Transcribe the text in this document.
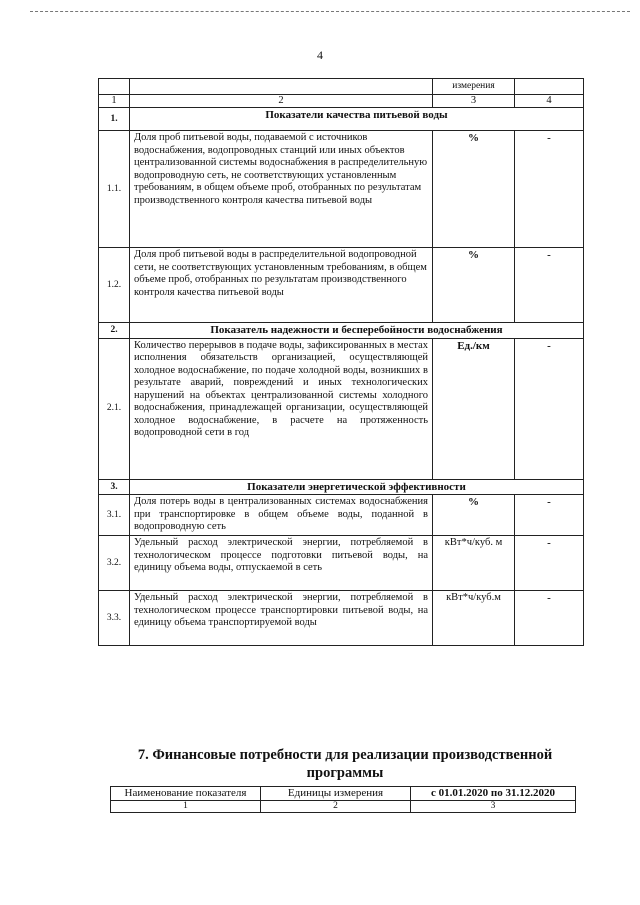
4
		измерения	
1	2	3	4
1.	Показатели качества питьевой воды		
1.1.	Доля проб питьевой воды, подаваемой с источников водоснабжения, водопроводных станций или иных объектов централизованной системы водоснабжения в распределительную водопроводную сеть, не соответствующих установленным требованиям, в общем объеме проб, отобранных по результатам производственного контроля качества питьевой воды	%	-
1.2.	Доля проб питьевой воды в распределительной водопроводной сети, не соответствующих установленным требованиям, в общем объеме проб, отобранных по результатам производственного контроля качества питьевой воды	%	-
2.	Показатель надежности и бесперебойности водоснабжения		
2.1.	Количество перерывов в подаче воды, зафиксированных в местах исполнения обязательств организацией, осуществляющей холодное водоснабжение, по подаче холодной воды, возникших в результате аварий, повреждений и иных технологических нарушений на объектах централизованной системы холодного водоснабжения, принадлежащей организации, осуществляющей холодное водоснабжение, в расчете на протяженность водопроводной сети в год	Ед./км	-
3.	Показатели энергетической эффективности		
3.1.	Доля потерь воды в централизованных системах водоснабжения при транспортировке в общем объеме воды, поданной в водопроводную сеть	%	-
3.2.	Удельный расход электрической энергии, потребляемой в технологическом процессе подготовки питьевой воды, на единицу объема воды, отпускаемой в сеть	кВт*ч/куб. м	-
3.3.	Удельный расход электрической энергии, потребляемой в технологическом процессе транспортировки питьевой воды, на единицу объема транспортируемой воды	кВт*ч/куб.м	-
7. Финансовые потребности для реализации производственной программы
Наименование показателя	Единицы измерения	с 01.01.2020 по 31.12.2020
1	2	3
